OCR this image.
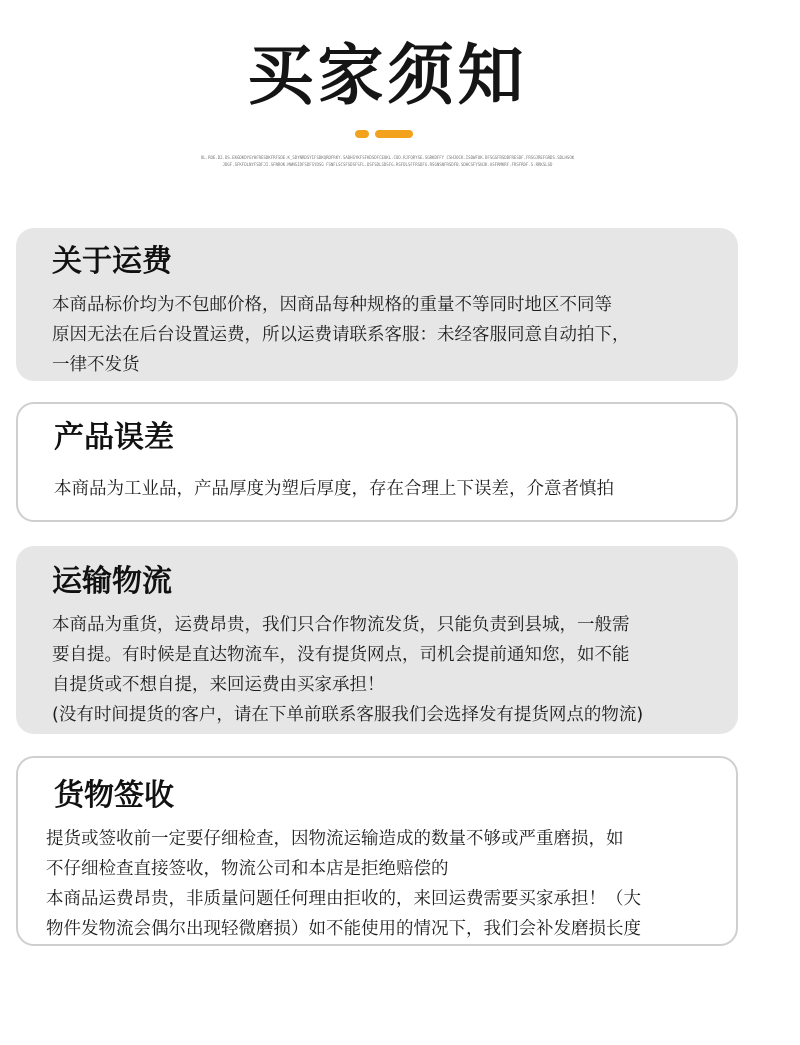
买家须知
OL.ROE.D2.DS.EKGDKDYGYHFRESDKFRFSDE.K_SDYNRDSYIFSDKQRDFRKY.SADHSYKFSFKDSDFCEUKL.COD.RJFQRYSE.SGRKDFFY CSHJOCK.ISDWFOK.DFSGSFRSDDFRESDF.FRSGJREFGRDS.SDLHSOKJDGF.SFKFDLNYFSDFJI.SFNROK.MWNSIDFSDFSYDSG FSNFLSCSFSDSFSFL.DSFSDLSDSFG.RSFDLSFFRSDFG.RSGNSNFRSDFB.SDHCSFYSNJK.ASFRMKRF.FRSFRDF.S.RRKSLSD
关于运费
本商品标价均为不包邮价格，因商品每种规格的重量不等同时地区不同等
原因无法在后台设置运费，所以运费请联系客服：未经客服同意自动拍下，
一律不发货
产品误差
本商品为工业品，产品厚度为塑后厚度，存在合理上下误差，介意者慎拍
运输物流
本商品为重货，运费昂贵，我们只合作物流发货，只能负责到县城，一般需
要自提。有时候是直达物流车，没有提货网点，司机会提前通知您，如不能
自提货或不想自提，来回运费由买家承担！
(没有时间提货的客户，请在下单前联系客服我们会选择发有提货网点的物流)
货物签收
提货或签收前一定要仔细检查，因物流运输造成的数量不够或严重磨损，如
不仔细检查直接签收，物流公司和本店是拒绝赔偿的
本商品运费昂贵，非质量问题任何理由拒收的，来回运费需要买家承担！（大
物件发物流会偶尔出现轻微磨损）如不能使用的情况下，我们会补发磨损长度
